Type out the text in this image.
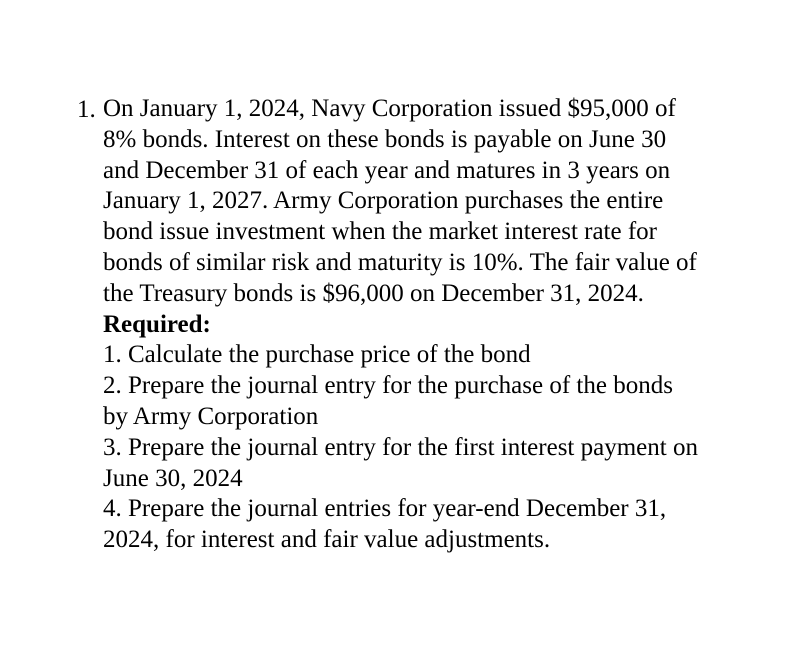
1. On January 1, 2024, Navy Corporation issued $95,000 of
8% bonds. Interest on these bonds is payable on June 30
and December 31 of each year and matures in 3 years on
January 1, 2027. Army Corporation purchases the entire
bond issue investment when the market interest rate for
bonds of similar risk and maturity is 10%. The fair value of
the Treasury bonds is $96,000 on December 31, 2024.
Required:
1. Calculate the purchase price of the bond
2. Prepare the journal entry for the purchase of the bonds
by Army Corporation
3. Prepare the journal entry for the first interest payment on
June 30, 2024
4. Prepare the journal entries for year-end December 31,
2024, for interest and fair value adjustments.
